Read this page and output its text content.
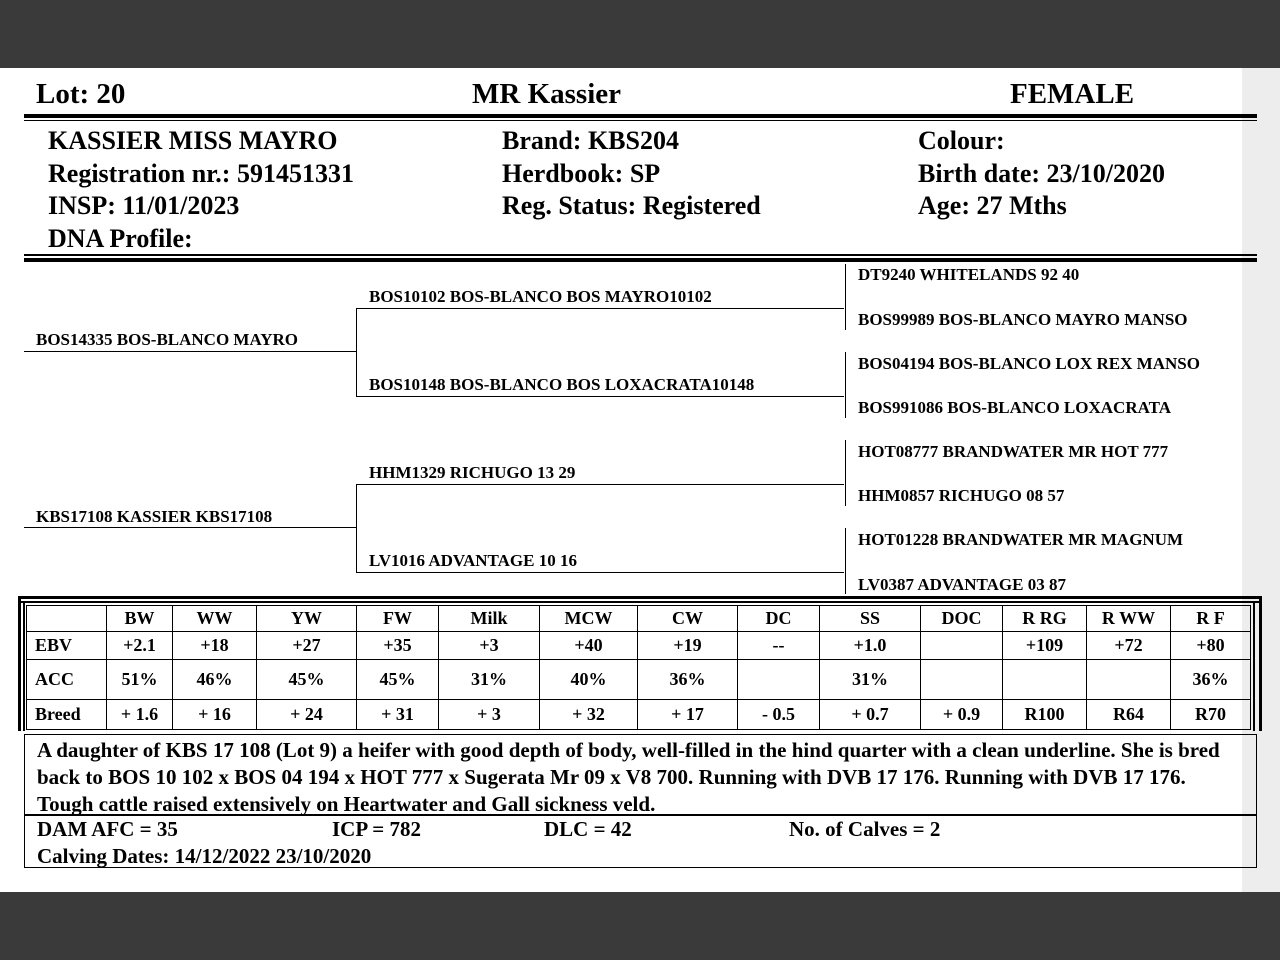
Lot: 20	MR Kassier	FEMALE
KASSIER MISS MAYRO
Registration nr.: 591451331
INSP: 11/01/2023
DNA Profile:
Brand: KBS204
Herdbook: SP
Reg. Status: Registered
Colour:
Birth date: 23/10/2020
Age: 27 Mths
BOS14335 BOS-BLANCO MAYRO
KBS17108 KASSIER KBS17108
BOS10102 BOS-BLANCO BOS MAYRO10102
BOS10148 BOS-BLANCO BOS LOXACRATA10148
HHM1329 RICHUGO 13 29
LV1016 ADVANTAGE 10 16
DT9240 WHITELANDS 92 40
BOS99989 BOS-BLANCO MAYRO MANSO
BOS04194 BOS-BLANCO LOX REX MANSO
BOS991086 BOS-BLANCO LOXACRATA
HOT08777 BRANDWATER MR HOT 777
HHM0857 RICHUGO 08 57
HOT01228 BRANDWATER MR MAGNUM
LV0387 ADVANTAGE 03 87
	BW	WW	YW	FW	Milk	MCW	CW	DC	SS	DOC	R RG	R WW	R F
EBV	+2.1	+18	+27	+35	+3	+40	+19	--	+1.0		+109	+72	+80
ACC	51%	46%	45%	45%	31%	40%	36%		31%				36%
Breed	+ 1.6	+ 16	+ 24	+ 31	+ 3	+ 32	+ 17	- 0.5	+ 0.7	+ 0.9	R100	R64	R70
A daughter of KBS 17 108 (Lot 9) a heifer with good depth of body, well-filled in the hind quarter with a clean underline. She is bred back to BOS 10 102 x BOS 04 194 x HOT 777 x Sugerata Mr 09 x V8 700. Running with DVB 17 176. Running with DVB 17 176. Tough cattle raised extensively on Heartwater and Gall sickness veld.
DAM AFC = 35	ICP = 782	DLC = 42	No. of Calves = 2
Calving Dates: 14/12/2022 23/10/2020
